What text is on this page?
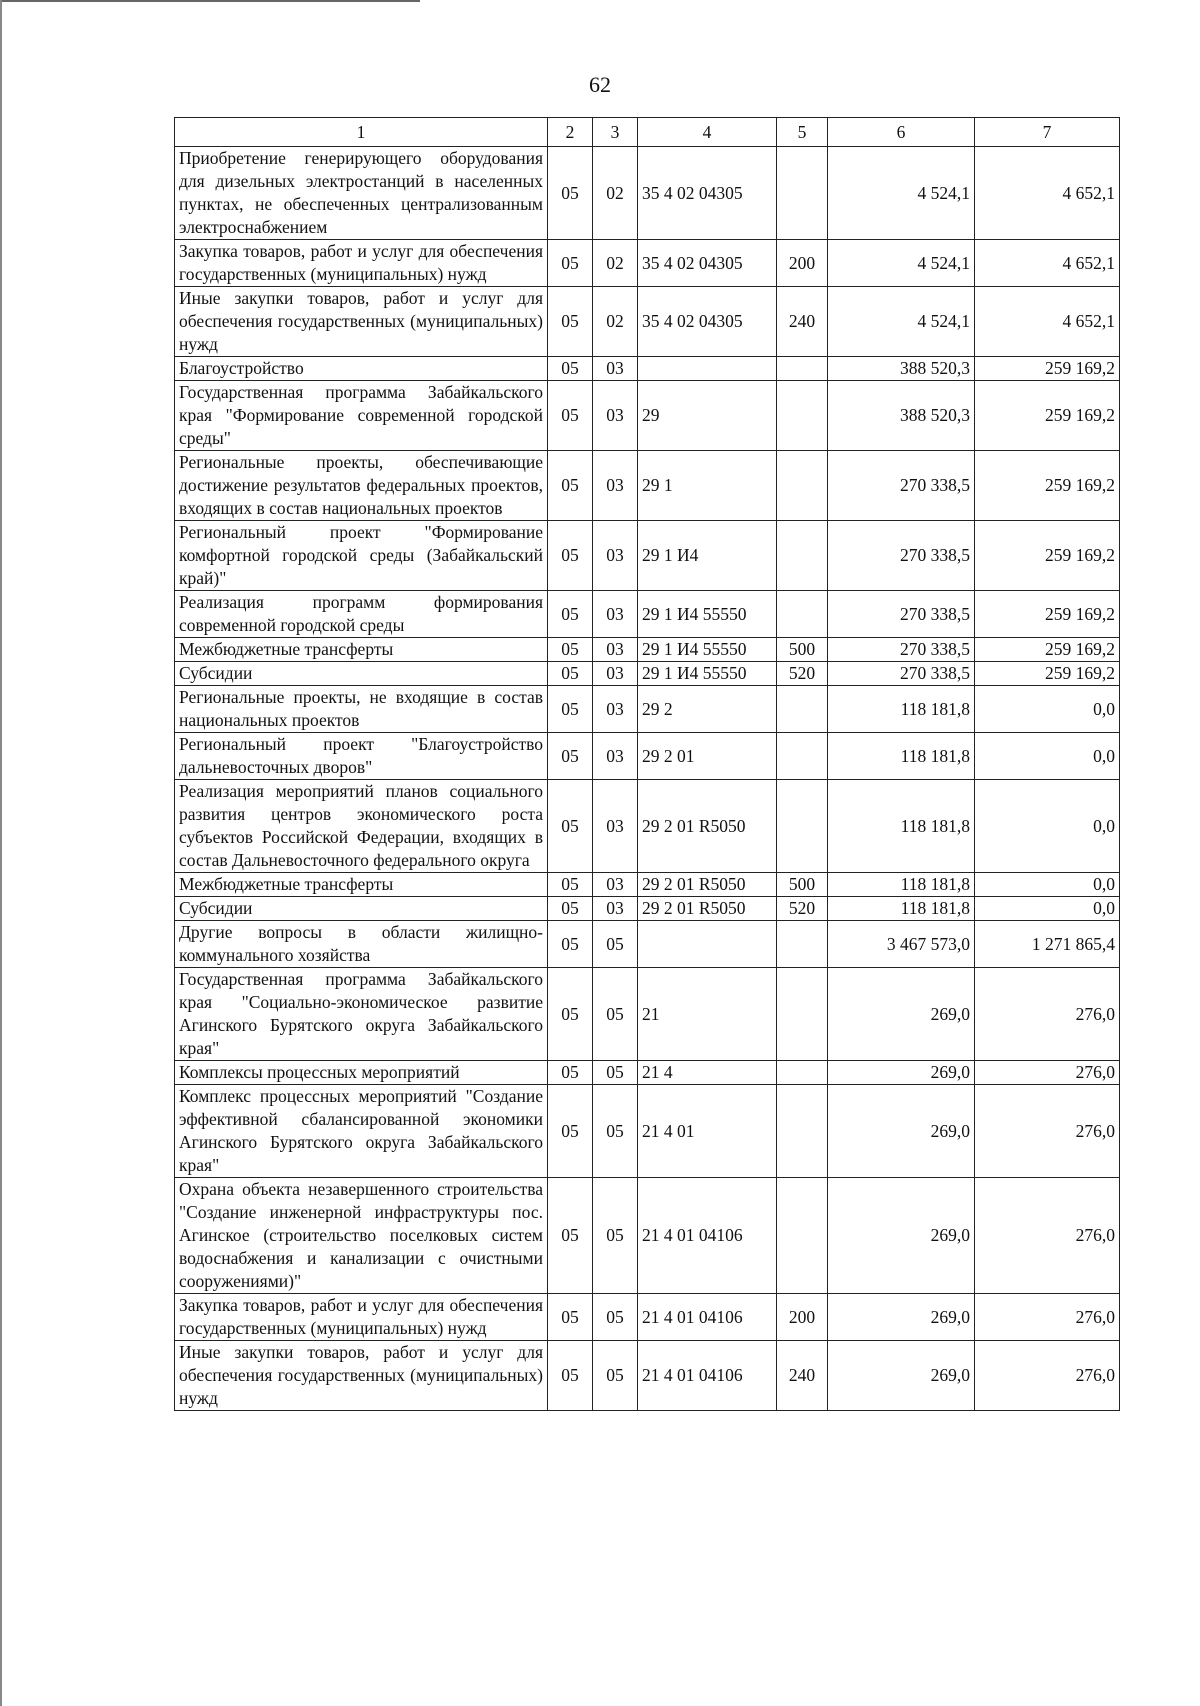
62
1	2	3	4	5	6	7
Приобретение генерирующего оборудования для дизельных электростанций в населенных пунктах, не обеспеченных централизованным электроснабжением	05	02	35 4 02 04305		4 524,1	4 652,1
Закупка товаров, работ и услуг для обеспечения государственных (муниципальных) нужд	05	02	35 4 02 04305	200	4 524,1	4 652,1
Иные закупки товаров, работ и услуг для обеспечения государственных (муниципальных) нужд	05	02	35 4 02 04305	240	4 524,1	4 652,1
Благоустройство	05	03			388 520,3	259 169,2
Государственная программа Забайкальского края "Формирование современной городской среды"	05	03	29		388 520,3	259 169,2
Региональные проекты, обеспечивающие достижение результатов федеральных проектов, входящих в состав национальных проектов	05	03	29 1		270 338,5	259 169,2
Региональный проект "Формирование комфортной городской среды (Забайкальский край)"	05	03	29 1 И4		270 338,5	259 169,2
Реализация программ формирования современной городской среды	05	03	29 1 И4 55550		270 338,5	259 169,2
Межбюджетные трансферты	05	03	29 1 И4 55550	500	270 338,5	259 169,2
Субсидии	05	03	29 1 И4 55550	520	270 338,5	259 169,2
Региональные проекты, не входящие в состав национальных проектов	05	03	29 2		118 181,8	0,0
Региональный проект "Благоустройство дальневосточных дворов"	05	03	29 2 01		118 181,8	0,0
Реализация мероприятий планов социального развития центров экономического роста субъектов Российской Федерации, входящих в состав Дальневосточного федерального округа	05	03	29 2 01 R5050		118 181,8	0,0
Межбюджетные трансферты	05	03	29 2 01 R5050	500	118 181,8	0,0
Субсидии	05	03	29 2 01 R5050	520	118 181,8	0,0
Другие вопросы в области жилищно-коммунального хозяйства	05	05			3 467 573,0	1 271 865,4
Государственная программа Забайкальского края "Социально-экономическое развитие Агинского Бурятского округа Забайкальского края"	05	05	21		269,0	276,0
Комплексы процессных мероприятий	05	05	21 4		269,0	276,0
Комплекс процессных мероприятий "Создание эффективной сбалансированной экономики Агинского Бурятского округа Забайкальского края"	05	05	21 4 01		269,0	276,0
Охрана объекта незавершенного строительства "Создание инженерной инфраструктуры пос. Агинское (строительство поселковых систем водоснабжения и канализации с очистными сооружениями)"	05	05	21 4 01 04106		269,0	276,0
Закупка товаров, работ и услуг для обеспечения государственных (муниципальных) нужд	05	05	21 4 01 04106	200	269,0	276,0
Иные закупки товаров, работ и услуг для обеспечения государственных (муниципальных) нужд	05	05	21 4 01 04106	240	269,0	276,0
